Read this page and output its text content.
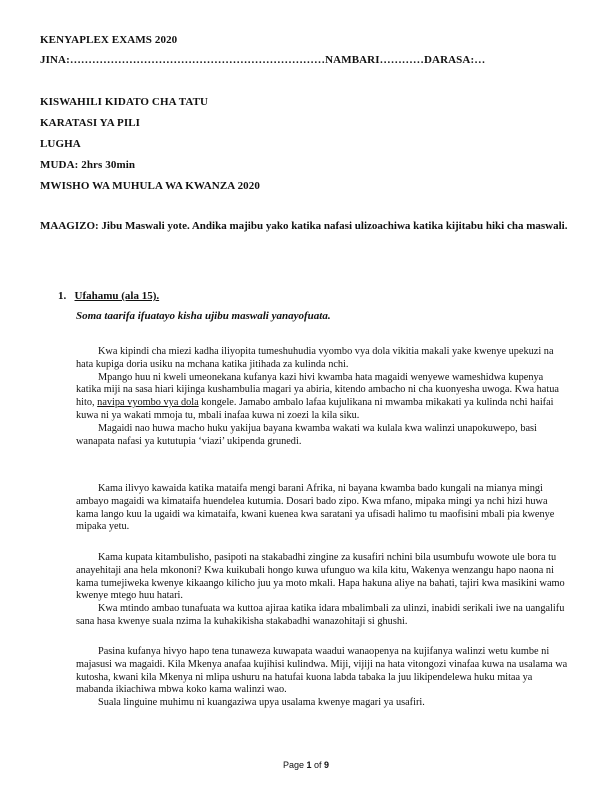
KENYAPLEX EXAMS 2020
JINA:……………………………………………………………NAMBARI…………DARASA:…
KISWAHILI KIDATO CHA TATU
KARATASI YA PILI
LUGHA
MUDA: 2hrs 30min
MWISHO WA MUHULA WA KWANZA 2020
MAAGIZO: Jibu Maswali yote. Andika majibu yako katika nafasi ulizoachiwa katika kijitabu hiki cha maswali.
1. Ufahamu (ala 15).
Soma taarifa ifuatayo kisha ujibu maswali yanayofuata.

Kwa kipindi cha miezi kadha iliyopita tumeshuhudia vyombo vya dola vikitia makali yake kwenye upekuzi na hata kupiga doria usiku na mchana katika jitihada za kulinda nchi.

Mpango huu ni kweli umeonekana kufanya kazi hivi kwamba hata magaidi wenyewe wameshidwa kupenya katika miji na sasa hiari kijinga kushambulia magari ya abiria, kitendo ambacho ni cha kuonyesha uwoga. Kwa hatua hito, navipa vyombo vya dola kongele. Jamabo ambalo lafaa kujulikana ni mwamba mikakati ya kulinda nchi haifai kuwa ni ya wakati mmoja tu, mbali inafaa kuwa ni zoezi la kila siku.

Magaidi nao huwa macho huku yakijua bayana kwamba wakati wa kulala kwa walinzi unapokuwepo, basi wanapata nafasi ya kututupia ‘viazi’ ukipenda grunedi.

Kama ilivyo kawaida katika mataifa mengi barani Afrika, ni bayana kwamba bado kungali na mianya mingi ambayo magaidi wa kimataifa huendelea kutumia. Dosari bado zipo. Kwa mfano, mipaka mingi ya nchi hizi huwa kama lango kuu la ugaidi wa kimataifa, kwani kuenea kwa saratani ya ufisadi halimo tu maofisini mbali pia kwenye mipaka yetu.

Kama kupata kitambulisho, pasipoti na stakabadhi zingine za kusafiri nchini bila usumbufu wowote ule bora tu anayehitaji ana hela mkononi? Kwa kuikubali hongo kuwa ufunguo wa kila kitu, Wakenya wenzangu hapo naona ni kama tumejiweka kwenye kikaango kilicho juu ya moto mkali. Hapa hakuna aliye na bahati, tajiri kwa masikini wamo kwenye mtego huu hatari.

Kwa mtindo ambao tunafuata wa kuttoa ajiraa katika idara mbalimbali za ulinzi, inabidi serikali iwe na uangalifu sana hasa kwenye suala nzima la kuhakikisha stakabadhi wanazohitaji si ghushi.

Pasina kufanya hivyo hapo tena tunaweza kuwapata waadui wanaopenya na kujifanya walinzi wetu kumbe ni majasusi wa magaidi. Kila Mkenya anafaa kujihisi kulindwa. Miji, vijiji na hata vitongozi vinafaa kuwa na usalama wa kutosha, kwani kila Mkenya ni mlipa ushuru na hatufai kuona labda tabaka la juu likipendelewa huku mitaa ya mabanda ikiachiwa mbwa koko kama walinzi wao.

Suala linguine muhimu ni kuangaziwa upya usalama kwenye magari ya usafiri.

Page 1 of 9
